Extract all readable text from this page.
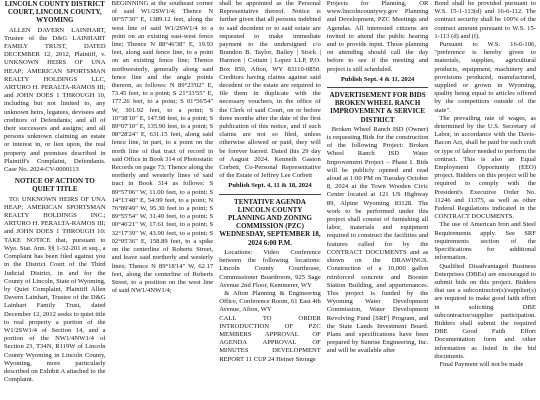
LINCOLN COUNTY DISTRICT COURT, LINCOLN COUNTY, WYOMING

ALLEN DAVERN LAINHART, Trustee of the D&G LAINHART FAMILY TRUST, DATED DECEMBER 12, 2012, Plaintiff, v. UNKNOWN HEIRS OF UNA HEAP; AMERICAN SPORTSMAN REALTY HOLDINGS LLC, ARTURO H. PERALTA-RAMOS III; and JOHN DOES 1 THROUGH 10, including but not limited to, any unknown heirs, legatees, devisees and creditors of Defendants; and all of their successors and assigns; and all persons unknown claiming an estate or interest in, or lien upon, the real property and premises described in Plaintiff's Complaint, Defendants. Case No. 2024-CV-0000113

NOTICE OF ACTION TO QUIET TITLE

TO: UNKNOWN HEIRS OF UNA HEAP; AMERICAN SPORTSMAN REALTY HOLDINGS INC.; ARTURO H. PERALTA-RAMOS III; and JOHN DOES 1 THROUGH 10: TAKE NOTICE that, pursuant to Wyo. Stat. Ann. §§ 1-32-201 et seq., a Complaint has been filed against you in the District Court of the Third Judicial District, in and for the County of Lincoln, State of Wyoming, by Quiet Complaint, Plaintiff Allen Davern Lainhart, Trustee of the D&G Lainhart Family Trust, dated December 12, 2012 seeks to quiet title to real property a portion of the W1/2SW1/4 of Section 14, and a portion of the NW1/4NW1/4 of Section 23, T34N, R119W of Lincoln County Wyoming in Lincoln County, Wyoming, more particularly described on Exhibit A attached to the Complaint.

BEGINNING at the southeast corner of said W1/2SW1/4; Thence N 00°57'30" E, 1389.12 feet, along the west line of said W1/2SW1/4 to a point on an existing east-west fence line; Thence N 88°46'38" E, 19.93 feet, along said fence line, to a point on an existing fence line; Thence northwesterly, generally along said fence line and the angle points thereon, as follows: N 89°23'02" E, 73.45 feet, to a point; S 21°33'55" E, 177.26 feet, to a point; S 01°56'54" W, 301.92 feet, to a point; S 10°38'10" E, 147.98 feet, to a point; S 89°07'10" E, 135.90 feet, to a point; S 08°28'24" E, 631.15 feet, along said fence line, in part, to a point on the north line of that tract of record in said Office in Book 314 of Photostatic Records on page 73; Thence along the northerly and westerly lines of said tract in Book 314 as follows: S 89°57'06" W, 11.00 feet, to a point; S 14°13'48" E, 54.99 feet, to a point; N 76°89'49" W, 95.30 feet to a point; S 89°55'54" W, 31.49 feet, to a point; S 00°46'21" W, 17.61 feet, to a point; S 32°17'39" W, 43.90 feet, to a point; S 02°05'36" E, 158.89 feet, to a spike on the centerline of Roberts Street, and leave said northerly and westerly lines; Thence N 89°18'14" W, 62.17 feet, along the centerline of Roberts Street, to a position on the west line of said NW1/4NW1/4;

shall be appointed as the Personal Representative thereof. Notice is further given that all persons indebted to said decedent or to said estate are requested to make immediate payment to the undersigned c/o Brandon B. Taylor, Bailey | Stock | Harmon | Cottam | Lopez LLP, P.O. Box 850, Afton, WY 83110-0850. Creditors having claims against said decedent or the estate are required to file them in duplicate with the necessary vouchers, in the office of the Clerk of said Court, on or before three months after the date of the first publication of this notice, and if such claims are not so filed, unless otherwise allowed or paid, they will be forever barred. Dated this 29 day of August 2024. Kenneth Gaston Corbett, Co-Personal Representative of the Estate of Jeffrey Lee Corbett

Publish Sept. 4, 11 & 18, 2024
TENTATIVE AGENDA LINCOLN COUNTY PLANNING AND ZONING COMMISSION (PZC) WEDNESDAY, SEPTEMBER 18, 2024 6:00 P.M.

Locations: Video Conference between the following locations: Lincoln County Courthouse, Commissioner Boardroom, 925 Sage Avenue 2nd Floor, Kemmerer, WY

& Afton Planning & Engineering Office, Conference Room, 61 East 4th Avenue, Afton, WY

CALL TO ORDER INTRODUCTION OF PZC MEMBERS APPROVAL OF AGENDA APPROVAL OF MINUTES DEVELOPMENT REPORT 11 CUP 24 Heiner Storage

Projects for Planning, OR www.lincolncountywy.gov Planning and Development, PZC Meetings and Agendas. All interested citizens are invited to attend the public hearing and to provide input. Those planning on attending should call the day before to see if the meeting and project is still scheduled.

Publish Sept. 4 & 11, 2024
ADVERTISEMENT FOR BIDS BROKEN WHEEL RANCH IMPROVEMENT & SERVICE DISTRICT

Broken Wheel Ranch ISD (Owner) is requesting Bids for the construction of the following Project: Broken Wheel Ranch ISD Water Improvement Project – Phase I. Bids will be publicly opened and read aloud at 1:00 PM on Tuesday October 8, 2024 at the Town Wooden Civic Center located at 121 US Highway 89, Alpine Wyoming 83128. The work to be performed under this project shall consist of furnishing all labor, materials and equipment required to construct the facilities and features called for by the CONTRACT DOCUMENTS and as shown on the DRAWINGS. Construction of a 10,000 gallon reinforced concrete and Booster Station Building, and appurtenances. This project is funded by the Wyoming Water Development Commission, Water Development Revolving Fund [SRF] Program, and the State Lands Investment Board. Plans and specifications have been prepared by Sunrise Engineering, Inc. and will be available after

Bond shall be provided pursuant to W.S. 15-1-113(d) and 16-6-112. The contract security shall be 100% of the contract amount pursuant to W.S. 15-1-113 (d) and (f).

Pursuant to W.S. 16-6-106, "preference is hereby given to materials, supplies, agricultural products, equipment, machinery and provisions produced, manufactured, supplied or grown in Wyoming, quality being equal to articles offered by the competitors outside of the state".

The prevailing rate of wages, as determined by the U.S. Secretary of Labor, in accordance with the Davis-Bacon Act, shall be paid for each craft or type of labor needed to perform the contract. This is also an Equal Employment Opportunity (EEO) project. Bidders on this project will be required to comply with the President's Executive Order No. 11246 and 11375, as well as other Federal Regulations indicated in the CONTRACT DOCUMENTS.

The use of American Iron and Steel Requirements apply. See SRF requirements section of the Specifications for additional information.

Qualified Disadvantaged Business Enterprises (DBEs) are encouraged to submit bids on this project. Bidders that use a subcontractor(s)/supplier(s) are required to make good faith effort in soliciting DBE subcontractor/supplier participation. Bidders shall submit the required DBE Good Faith Effort Documentation form and other information as listed in the bid documents.

Final Payment will not be made
